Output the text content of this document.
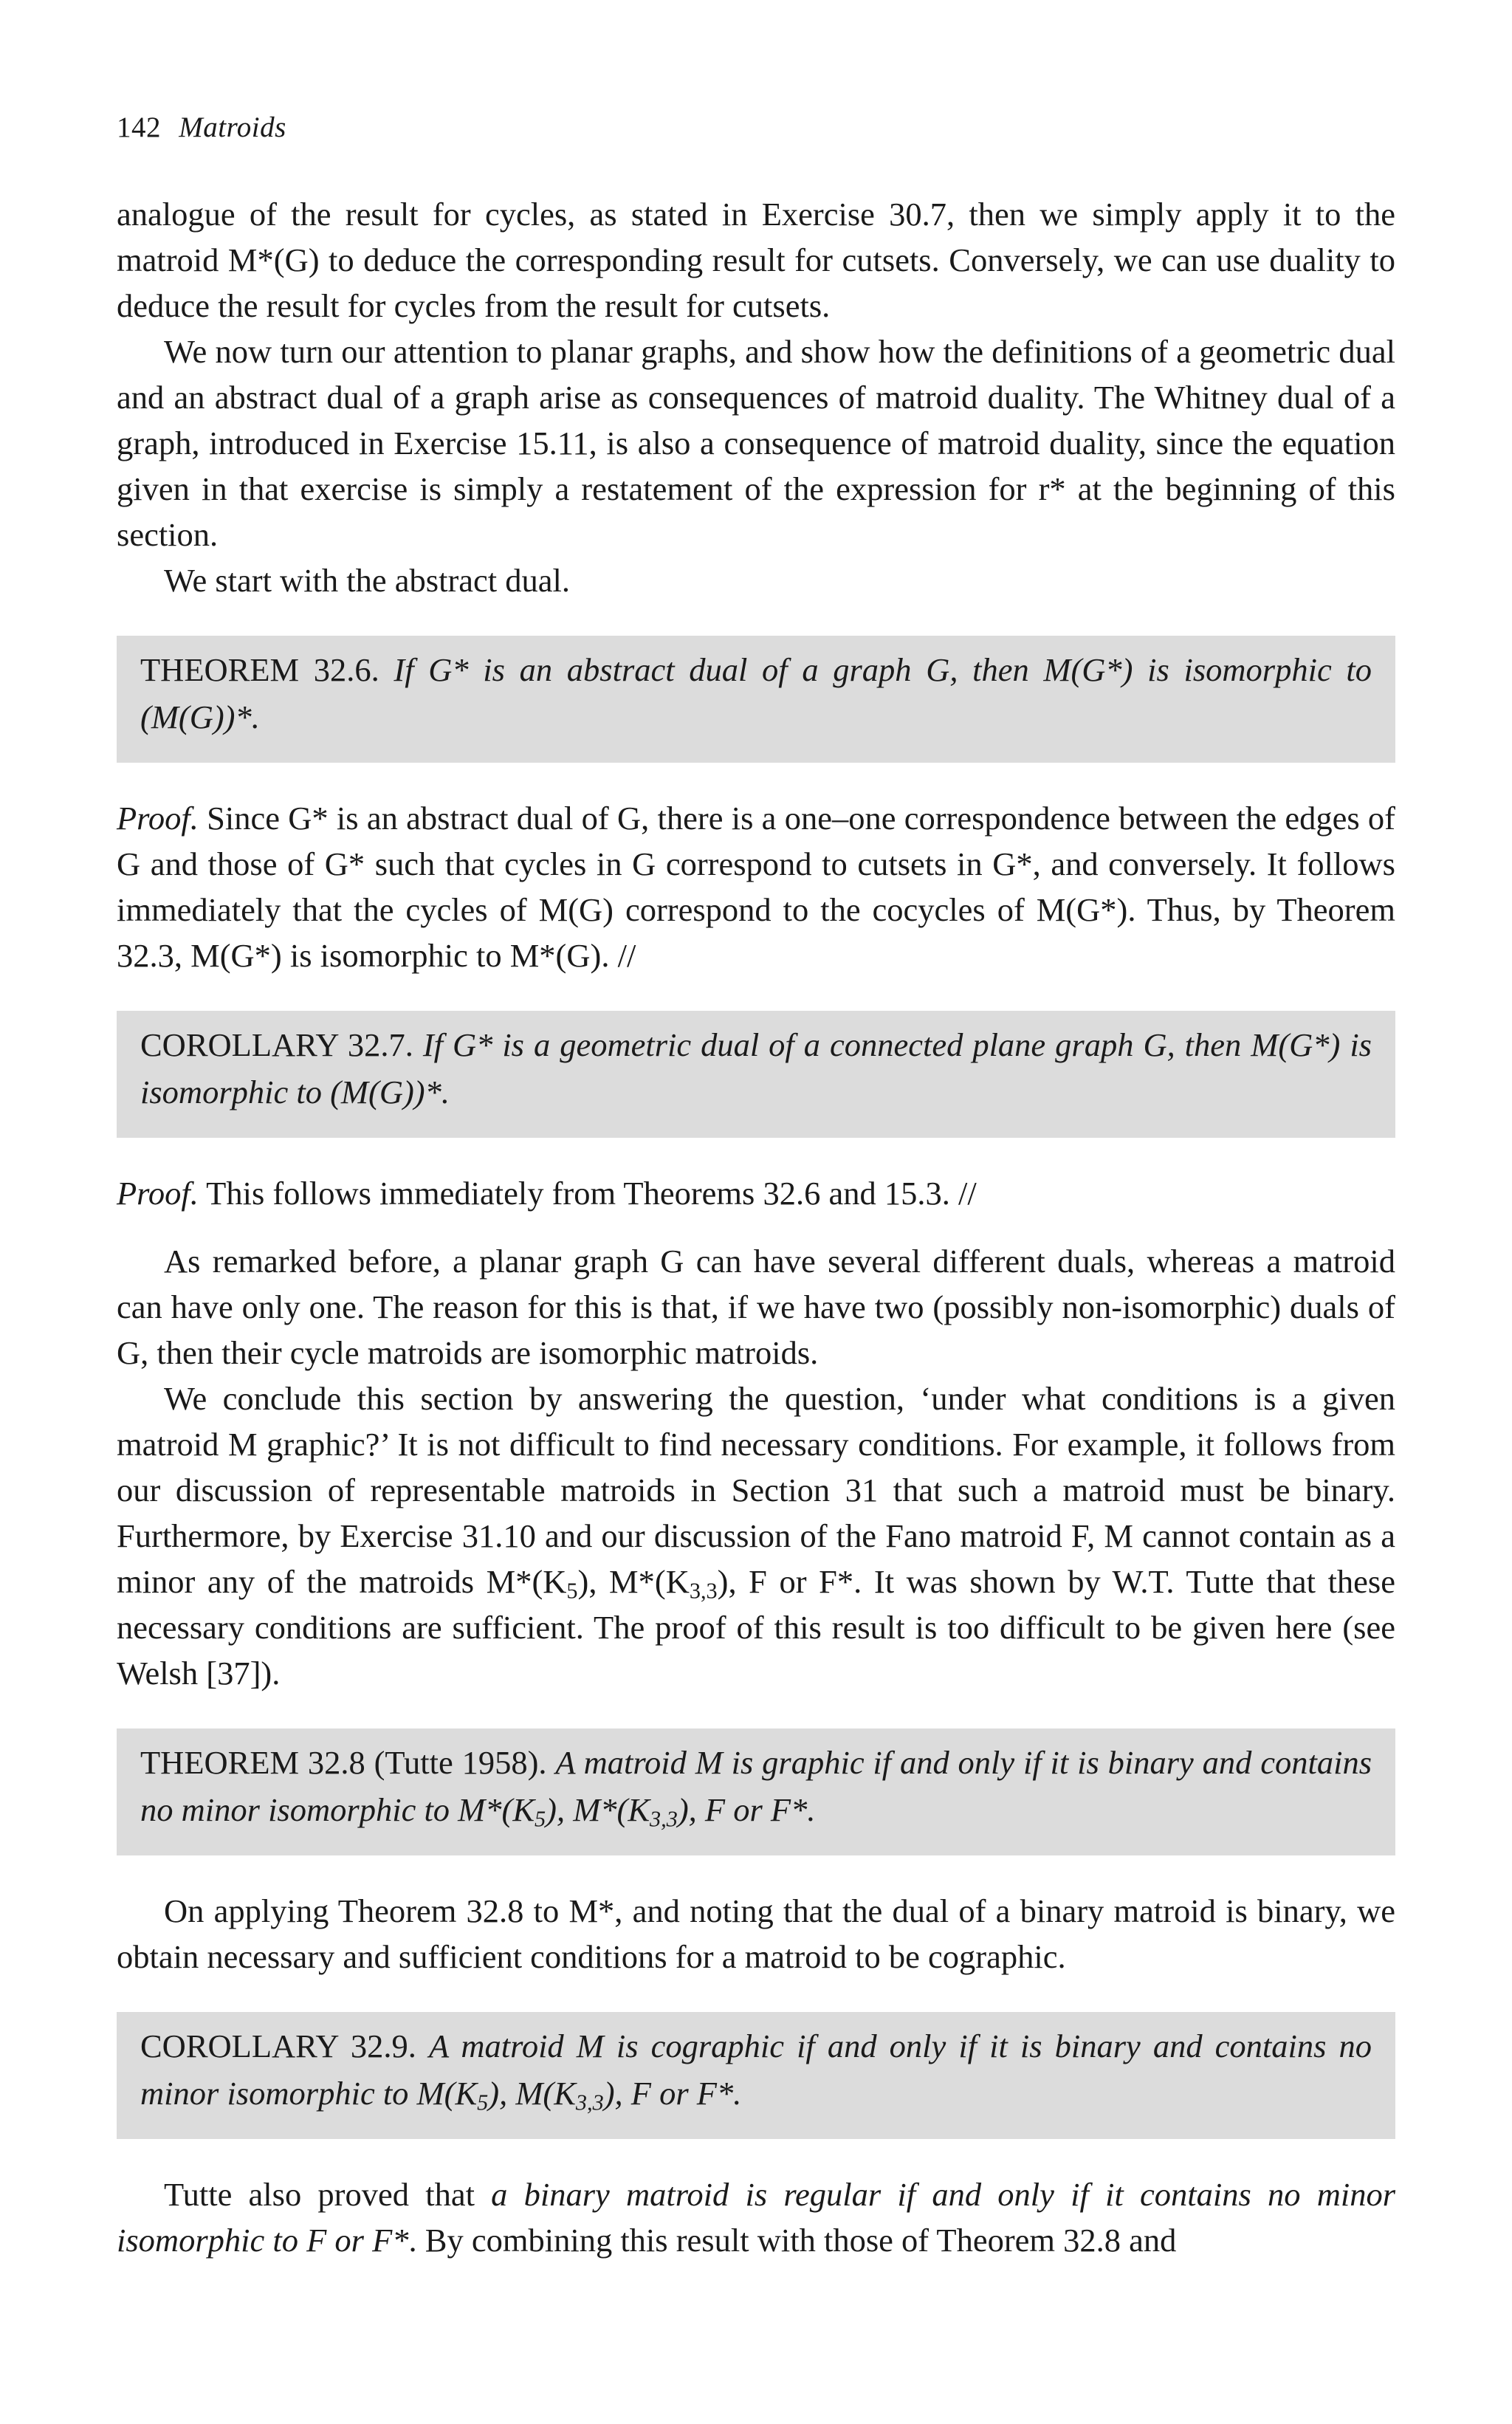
142 Matroids

analogue of the result for cycles, as stated in Exercise 30.7, then we simply apply it to the matroid M*(G) to deduce the corresponding result for cutsets. Conversely, we can use duality to deduce the result for cycles from the result for cutsets.

We now turn our attention to planar graphs, and show how the definitions of a geometric dual and an abstract dual of a graph arise as consequences of matroid duality. The Whitney dual of a graph, introduced in Exercise 15.11, is also a consequence of matroid duality, since the equation given in that exercise is simply a restatement of the expression for r* at the beginning of this section.

We start with the abstract dual.

THEOREM 32.6. If G* is an abstract dual of a graph G, then M(G*) is isomorphic to (M(G))*.

Proof. Since G* is an abstract dual of G, there is a one–one correspondence between the edges of G and those of G* such that cycles in G correspond to cutsets in G*, and conversely. It follows immediately that the cycles of M(G) correspond to the cocycles of M(G*). Thus, by Theorem 32.3, M(G*) is isomorphic to M*(G). //

COROLLARY 32.7. If G* is a geometric dual of a connected plane graph G, then M(G*) is isomorphic to (M(G))*.

Proof. This follows immediately from Theorems 32.6 and 15.3. //

As remarked before, a planar graph G can have several different duals, whereas a matroid can have only one. The reason for this is that, if we have two (possibly non-isomorphic) duals of G, then their cycle matroids are isomorphic matroids.

We conclude this section by answering the question, ‘under what conditions is a given matroid M graphic?’ It is not difficult to find necessary conditions. For example, it follows from our discussion of representable matroids in Section 31 that such a matroid must be binary. Furthermore, by Exercise 31.10 and our discussion of the Fano matroid F, M cannot contain as a minor any of the matroids $M*(K_5)$, $M*(K_{3,3})$, F or F*. It was shown by W.T. Tutte that these necessary conditions are sufficient. The proof of this result is too difficult to be given here (see Welsh [37]).

THEOREM 32.8 (Tutte 1958). A matroid M is graphic if and only if it is binary and contains no minor isomorphic to $M*(K_5)$, $M*(K_{3,3})$, F or F*.

On applying Theorem 32.8 to M*, and noting that the dual of a binary matroid is binary, we obtain necessary and sufficient conditions for a matroid to be cographic.

COROLLARY 32.9. A matroid M is cographic if and only if it is binary and contains no minor isomorphic to $M(K_5)$, $M(K_{3,3})$, F or F*.

Tutte also proved that a binary matroid is regular if and only if it contains no minor isomorphic to F or F*. By combining this result with those of Theorem 32.8 and
